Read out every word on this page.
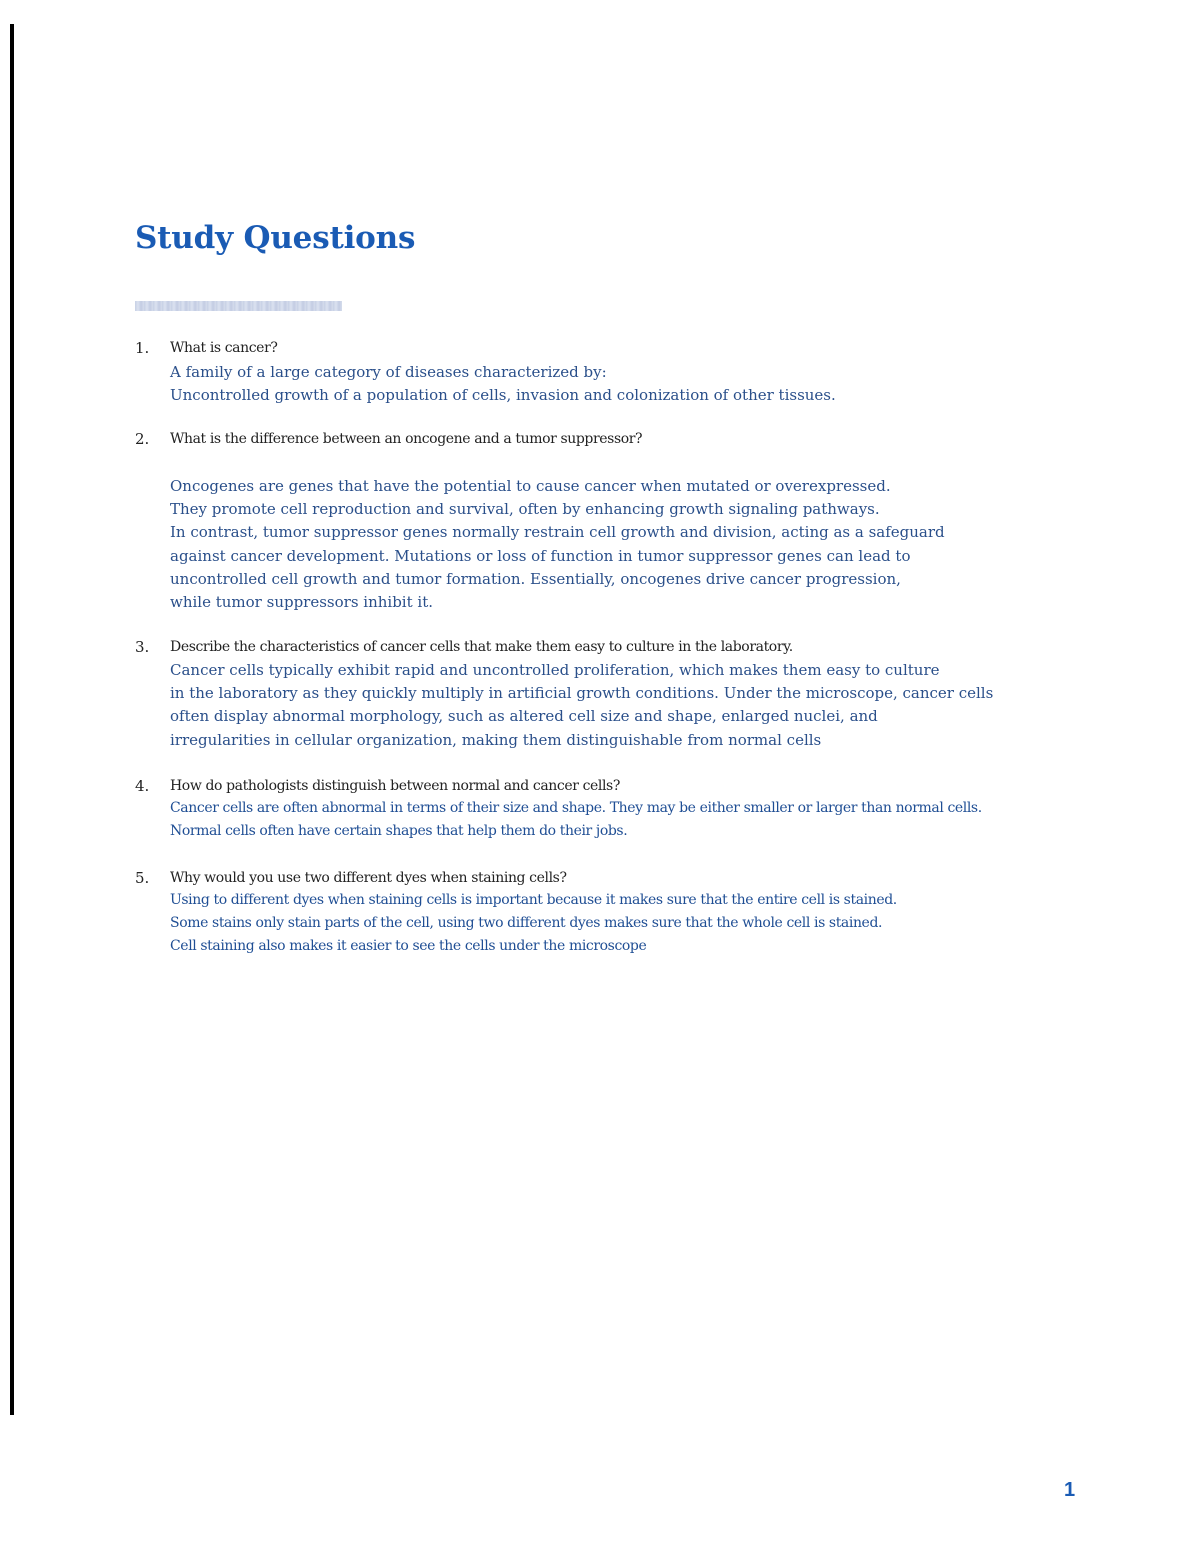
Study Questions
1. What is cancer?
A family of a large category of diseases characterized by:
Uncontrolled growth of a population of cells, invasion and colonization of other tissues.
2. What is the difference between an oncogene and a tumor suppressor?
Oncogenes are genes that have the potential to cause cancer when mutated or overexpressed.
They promote cell reproduction and survival, often by enhancing growth signaling pathways.
In contrast, tumor suppressor genes normally restrain cell growth and division, acting as a safeguard
against cancer development. Mutations or loss of function in tumor suppressor genes can lead to
uncontrolled cell growth and tumor formation. Essentially, oncogenes drive cancer progression,
while tumor suppressors inhibit it.
3. Describe the characteristics of cancer cells that make them easy to culture in the laboratory.
Cancer cells typically exhibit rapid and uncontrolled proliferation, which makes them easy to culture
in the laboratory as they quickly multiply in artificial growth conditions. Under the microscope, cancer cells
often display abnormal morphology, such as altered cell size and shape, enlarged nuclei, and
irregularities in cellular organization, making them distinguishable from normal cells
4. How do pathologists distinguish between normal and cancer cells?
Cancer cells are often abnormal in terms of their size and shape. They may be either smaller or larger than normal cells.
Normal cells often have certain shapes that help them do their jobs.
5. Why would you use two different dyes when staining cells?
Using to different dyes when staining cells is important because it makes sure that the entire cell is stained.
Some stains only stain parts of the cell, using two different dyes makes sure that the whole cell is stained.
Cell staining also makes it easier to see the cells under the microscope
1
